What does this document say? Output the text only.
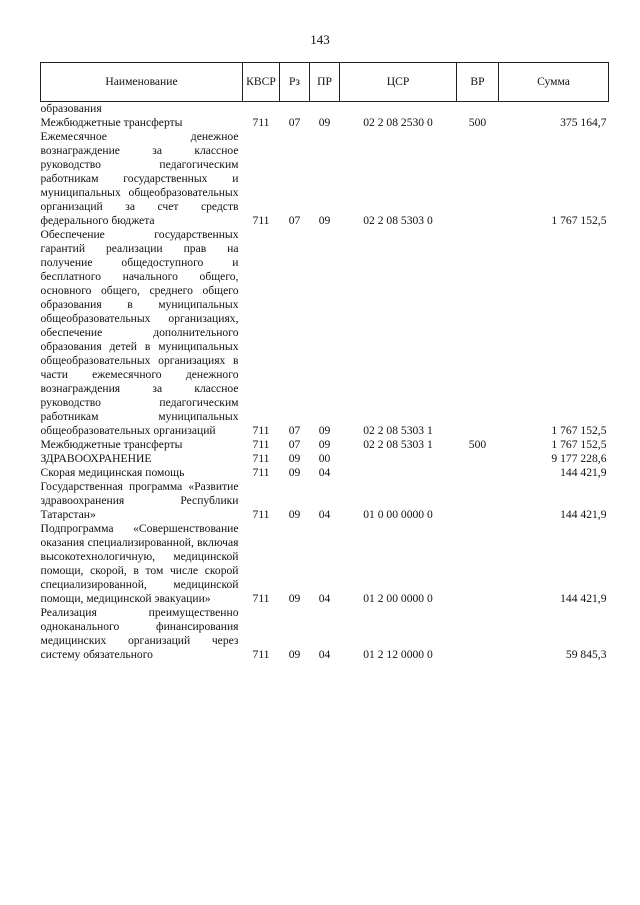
143
Наименование	КВСР	Рз	ПР	ЦСР	ВР	Сумма
образования						
Межбюджетные трансферты	711	07	09	02 2 08 2530 0	500	375 164,7
Ежемесячное денежное вознаграждение за классное руководство педагогическим работникам государственных и муниципальных общеобразовательных организаций за счет средств федерального бюджета	711	07	09	02 2 08 5303 0		1 767 152,5
Обеспечение государственных гарантий реализации прав на получение общедоступного и бесплатного начального общего, основного общего, среднего общего образования в муниципальных общеобразовательных организациях, обеспечение дополнительного образования детей в муниципальных общеобразовательных организациях в части ежемесячного денежного вознаграждения за классное руководство педагогическим работникам муниципальных общеобразовательных организаций	711	07	09	02 2 08 5303 1		1 767 152,5
Межбюджетные трансферты	711	07	09	02 2 08 5303 1	500	1 767 152,5
ЗДРАВООХРАНЕНИЕ	711	09	00			9 177 228,6
Скорая медицинская помощь	711	09	04			144 421,9
Государственная программа «Развитие здравоохранения Республики Татарстан»	711	09	04	01 0 00 0000 0		144 421,9
Подпрограмма «Совершенствование оказания специализированной, включая высокотехнологичную, медицинской помощи, скорой, в том числе скорой специализированной, медицинской помощи, медицинской эвакуации»	711	09	04	01 2 00 0000 0		144 421,9
Реализация преимущественно одноканального финансирования медицинских организаций через систему обязательного	711	09	04	01 2 12 0000 0		59 845,3
